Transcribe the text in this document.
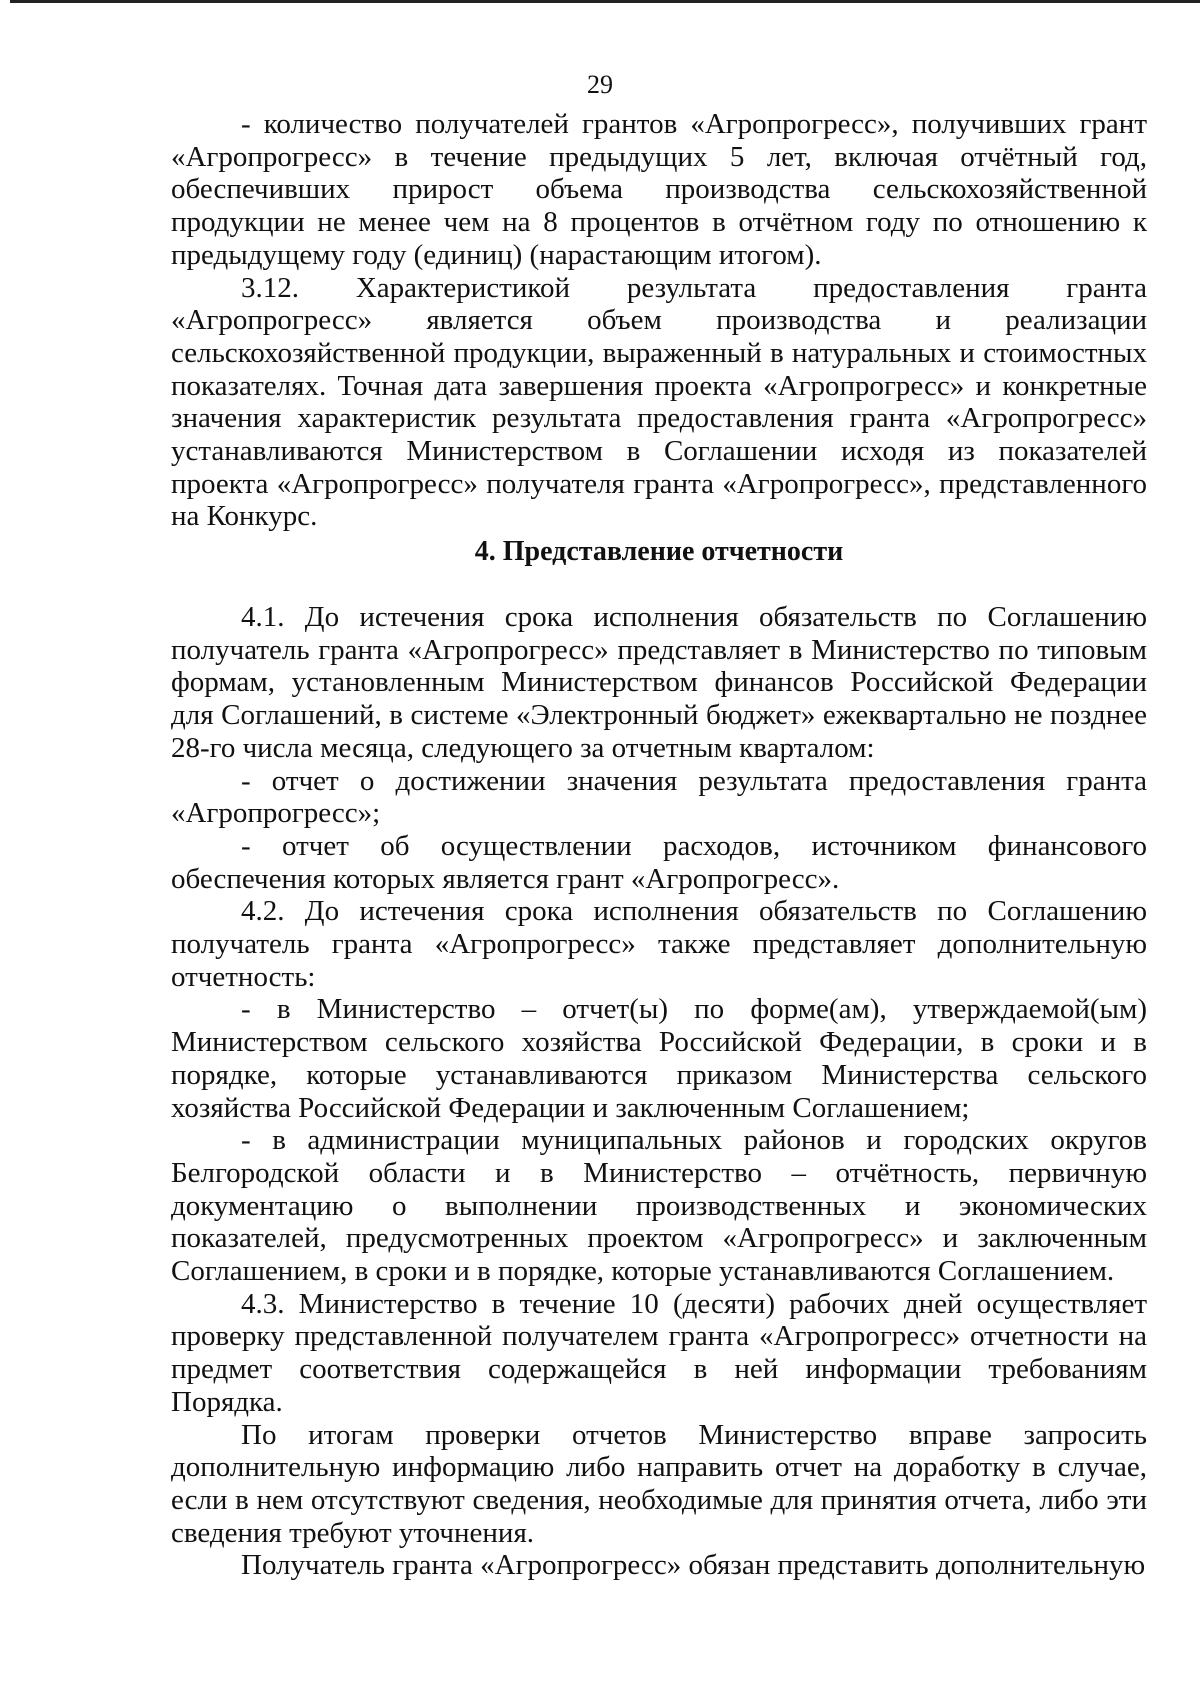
29

- количество получателей грантов «Агропрогресс», получивших грант «Агропрогресс» в течение предыдущих 5 лет, включая отчётный год, обеспечивших прирост объема производства сельскохозяйственной продукции не менее чем на 8 процентов в отчётном году по отношению к предыдущему году (единиц) (нарастающим итогом).

3.12. Характеристикой результата предоставления гранта «Агропрогресс» является объем производства и реализации сельскохозяйственной продукции, выраженный в натуральных и стоимостных показателях. Точная дата завершения проекта «Агропрогресс» и конкретные значения характеристик результата предоставления гранта «Агропрогресс» устанавливаются Министерством в Соглашении исходя из показателей проекта «Агропрогресс» получателя гранта «Агропрогресс», представленного на Конкурс.

4. Представление отчетности

4.1. До истечения срока исполнения обязательств по Соглашению получатель гранта «Агропрогресс» представляет в Министерство по типовым формам, установленным Министерством финансов Российской Федерации для Соглашений, в системе «Электронный бюджет» ежеквартально не позднее 28-го числа месяца, следующего за отчетным кварталом:

- отчет о достижении значения результата предоставления гранта «Агропрогресс»;

- отчет об осуществлении расходов, источником финансового обеспечения которых является грант «Агропрогресс».

4.2. До истечения срока исполнения обязательств по Соглашению получатель гранта «Агропрогресс» также представляет дополнительную отчетность:

- в Министерство – отчет(ы) по форме(ам), утверждаемой(ым) Министерством сельского хозяйства Российской Федерации, в сроки и в порядке, которые устанавливаются приказом Министерства сельского хозяйства Российской Федерации и заключенным Соглашением;

- в администрации муниципальных районов и городских округов Белгородской области и в Министерство – отчётность, первичную документацию о выполнении производственных и экономических показателей, предусмотренных проектом «Агропрогресс» и заключенным Соглашением, в сроки и в порядке, которые устанавливаются Соглашением.

4.3. Министерство в течение 10 (десяти) рабочих дней осуществляет проверку представленной получателем гранта «Агропрогресс» отчетности на предмет соответствия содержащейся в ней информации требованиям Порядка.

По итогам проверки отчетов Министерство вправе запросить дополнительную информацию либо направить отчет на доработку в случае, если в нем отсутствуют сведения, необходимые для принятия отчета, либо эти сведения требуют уточнения.

Получатель гранта «Агропрогресс» обязан представить дополнительную
